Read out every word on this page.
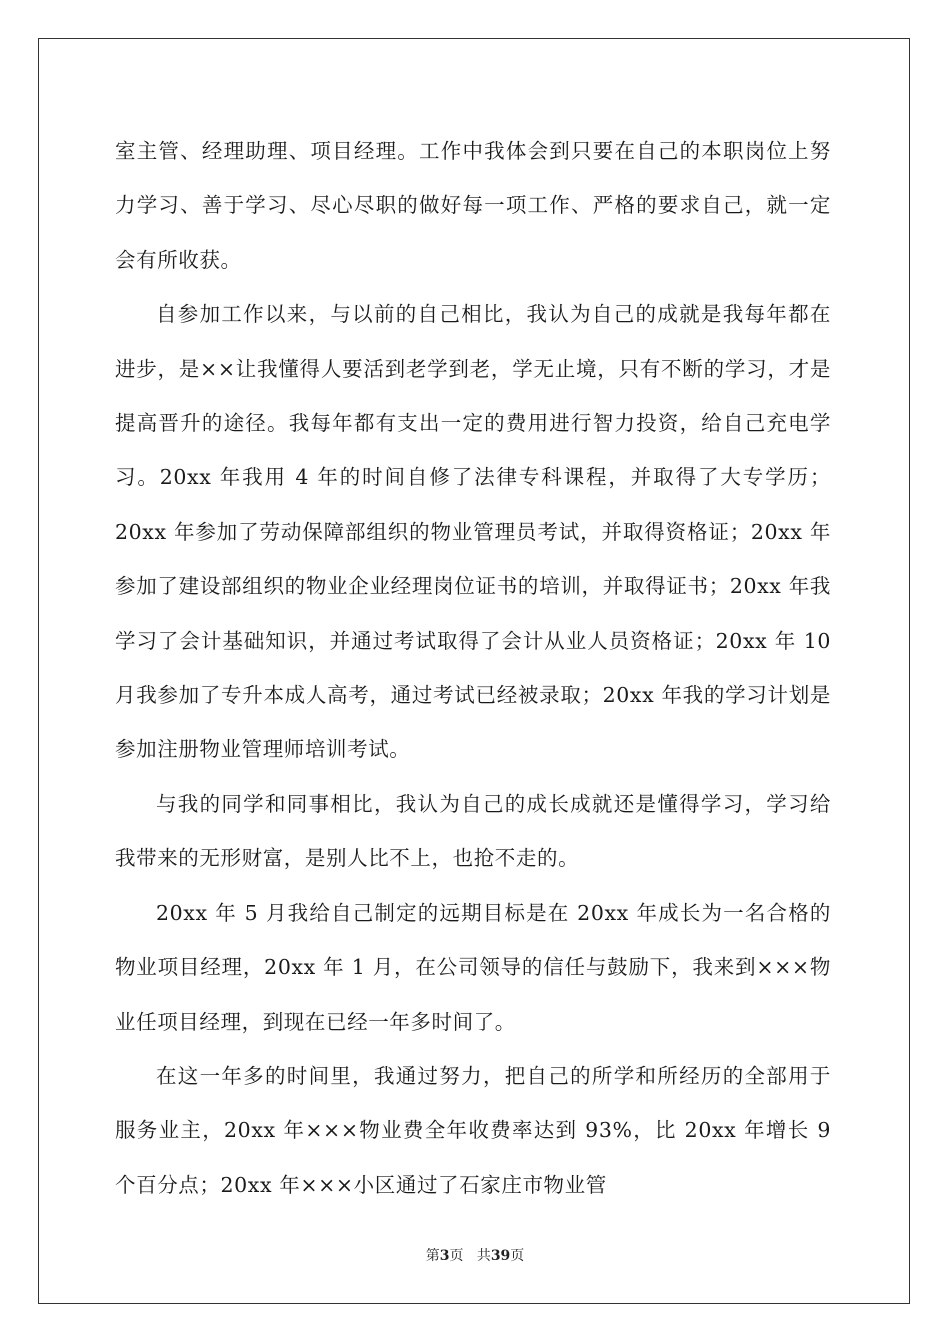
室主管、经理助理、项目经理。工作中我体会到只要在自己的本职岗位上努力学习、善于学习、尽心尽职的做好每一项工作、严格的要求自己，就一定会有所收获。

自参加工作以来，与以前的自己相比，我认为自己的成就是我每年都在进步，是××让我懂得人要活到老学到老，学无止境，只有不断的学习，才是提高晋升的途径。我每年都有支出一定的费用进行智力投资，给自己充电学习。20xx 年我用 4 年的时间自修了法律专科课程，并取得了大专学历；20xx 年参加了劳动保障部组织的物业管理员考试，并取得资格证；20xx 年参加了建设部组织的物业企业经理岗位证书的培训，并取得证书；20xx 年我学习了会计基础知识，并通过考试取得了会计从业人员资格证；20xx 年 10 月我参加了专升本成人高考，通过考试已经被录取；20xx 年我的学习计划是参加注册物业管理师培训考试。

与我的同学和同事相比，我认为自己的成长成就还是懂得学习，学习给我带来的无形财富，是别人比不上，也抢不走的。

20xx 年 5 月我给自己制定的远期目标是在 20xx 年成长为一名合格的物业项目经理，20xx 年 1 月，在公司领导的信任与鼓励下，我来到×××物业任项目经理，到现在已经一年多时间了。

在这一年多的时间里，我通过努力，把自己的所学和所经历的全部用于服务业主，20xx 年×××物业费全年收费率达到 93%，比 20xx 年增长 9 个百分点；20xx 年×××小区通过了石家庄市物业管

第3页 共39页
